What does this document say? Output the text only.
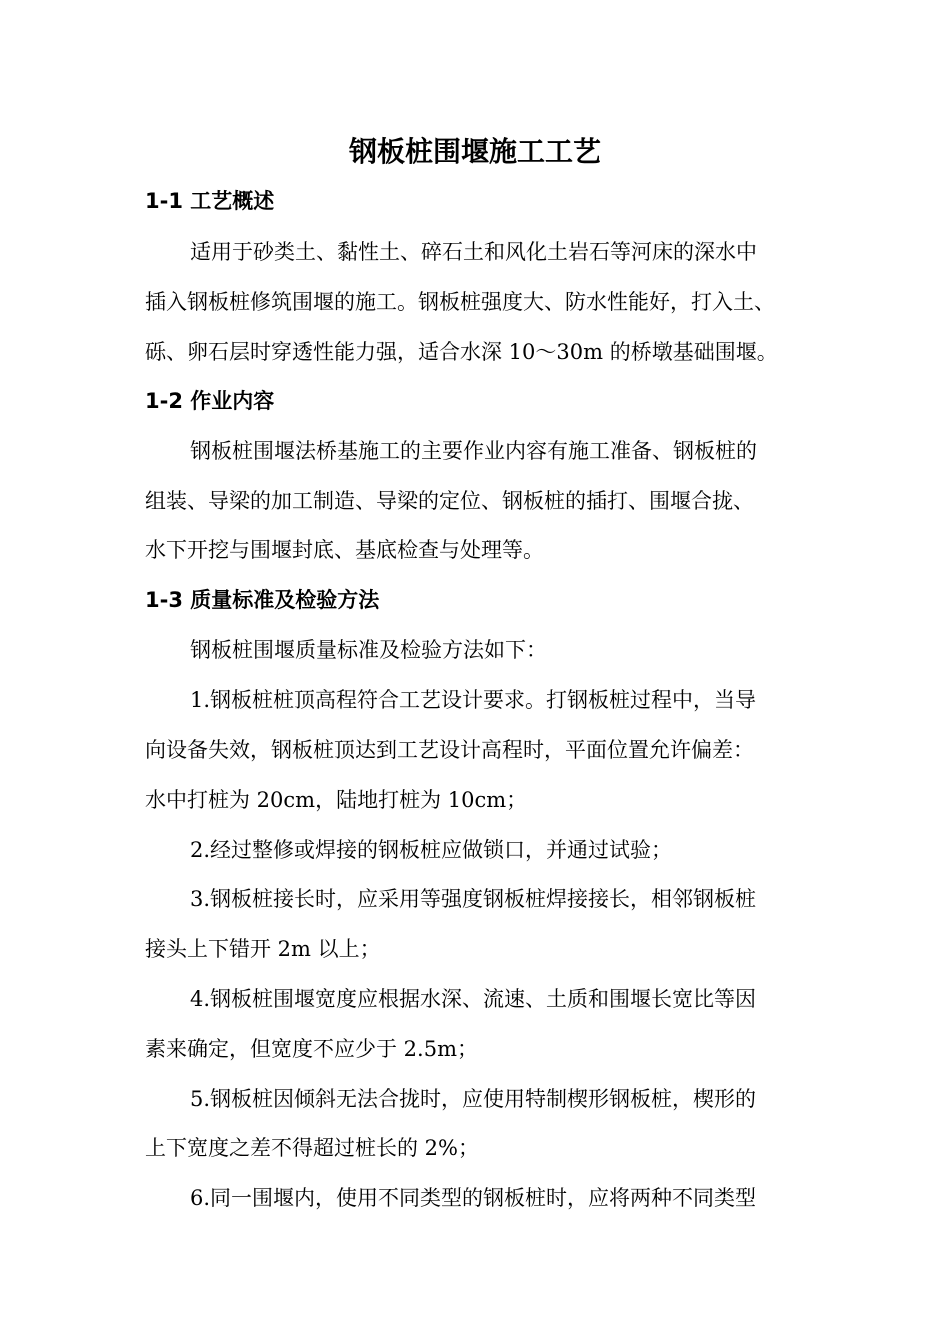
钢板桩围堰施工工艺
1-1 工艺概述
适用于砂类土、黏性土、碎石土和风化土岩石等河床的深水中
插入钢板桩修筑围堰的施工。钢板桩强度大、防水性能好，打入土、
砾、卵石层时穿透性能力强，适合水深 10～30m 的桥墩基础围堰。
1-2 作业内容
钢板桩围堰法桥基施工的主要作业内容有施工准备、钢板桩的
组装、导梁的加工制造、导梁的定位、钢板桩的插打、围堰合拢、
水下开挖与围堰封底、基底检查与处理等。
1-3 质量标准及检验方法
钢板桩围堰质量标准及检验方法如下：
1.钢板桩桩顶高程符合工艺设计要求。打钢板桩过程中，当导
向设备失效，钢板桩顶达到工艺设计高程时，平面位置允许偏差：
水中打桩为 20cm，陆地打桩为 10cm；
2.经过整修或焊接的钢板桩应做锁口，并通过试验；
3.钢板桩接长时，应采用等强度钢板桩焊接接长，相邻钢板桩
接头上下错开 2m 以上；
4.钢板桩围堰宽度应根据水深、流速、土质和围堰长宽比等因
素来确定，但宽度不应少于 2.5m；
5.钢板桩因倾斜无法合拢时，应使用特制楔形钢板桩，楔形的
上下宽度之差不得超过桩长的 2%；
6.同一围堰内，使用不同类型的钢板桩时，应将两种不同类型
